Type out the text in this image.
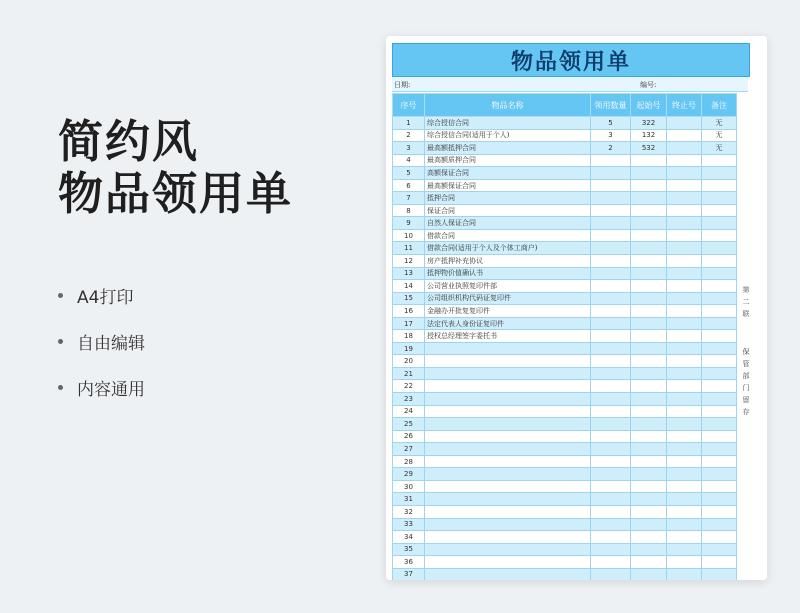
简约风
物品领用单
A4打印
自由编辑
内容通用
物品领用单
日期:	编号:
序号	物品名称	领用数量	起始号	终止号	备注
1	综合授信合同	5	322		无
2	综合授信合同(适用于个人)	3	132		无
3	最高额抵押合同	2	532		无
4	最高额质押合同				
5	高额保证合同				
6	最高额保证合同				
7	抵押合同				
8	保证合同				
9	自然人保证合同				
10	借款合同				
11	借款合同(适用于个人及个体工商户)				
12	房产抵押补充协议				
13	抵押物价值确认书				
14	公司营业执照复印件部				
15	公司组织机构代码证复印件				
16	金融办开批复复印件				
17	法定代表人身份证复印件				
18	授权总经理签字委托书				
19					
20					
21					
22					
23					
24					
25					
26					
27					
28					
29					
30					
31					
32					
33					
34					
35					
36					
37					
第二联
保管部门留存
